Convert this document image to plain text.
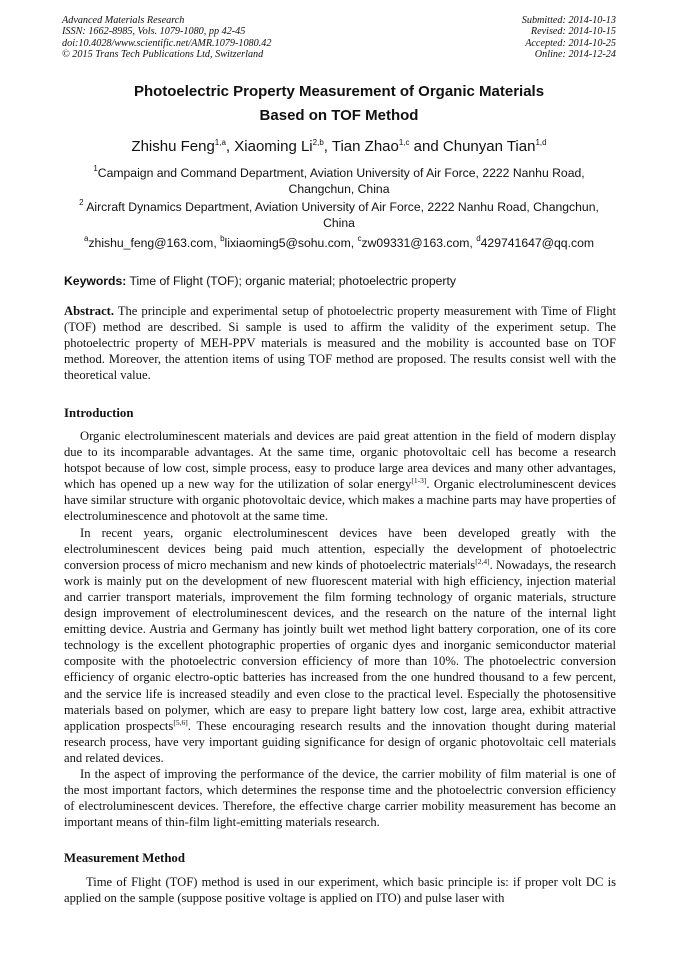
Advanced Materials Research
ISSN: 1662-8985, Vols. 1079-1080, pp 42-45
doi:10.4028/www.scientific.net/AMR.1079-1080.42
© 2015 Trans Tech Publications Ltd, Switzerland
Submitted: 2014-10-13
Revised: 2014-10-15
Accepted: 2014-10-25
Online: 2014-12-24
Photoelectric Property Measurement of Organic Materials
Based on TOF Method
Zhishu Feng$^{1,a}$, Xiaoming Li$^{2,b}$, Tian Zhao$^{1,c}$ and Chunyan Tian$^{1,d}$
$^1$Campaign and Command Department, Aviation University of Air Force, 2222 Nanhu Road, Changchun, China
$^2$ Aircraft Dynamics Department, Aviation University of Air Force, 2222 Nanhu Road, Changchun, China
$^a$zhishu_feng@163.com, $^b$lixiaoming5@sohu.com, $^c$zw09331@163.com, $^d$429741647@qq.com
Keywords: Time of Flight (TOF); organic material; photoelectric property
Abstract. The principle and experimental setup of photoelectric property measurement with Time of Flight (TOF) method are described. Si sample is used to affirm the validity of the experiment setup. The photoelectric property of MEH-PPV materials is measured and the mobility is accounted base on TOF method. Moreover, the attention items of using TOF method are proposed. The results consist well with the theoretical value.
Introduction

Organic electroluminescent materials and devices are paid great attention in the field of modern display due to its incomparable advantages. At the same time, organic photovoltaic cell has become a research hotspot because of low cost, simple process, easy to produce large area devices and many other advantages, which has opened up a new way for the utilization of solar energy[1-3]. Organic electroluminescent devices have similar structure with organic photovoltaic device, which makes a machine parts may have properties of electroluminescence and photovolt at the same time.

In recent years, organic electroluminescent devices have been developed greatly with the electroluminescent devices being paid much attention, especially the development of photoelectric conversion process of micro mechanism and new kinds of photoelectric materials[2,4]. Nowadays, the research work is mainly put on the development of new fluorescent material with high efficiency, injection material and carrier transport materials, improvement the film forming technology of organic materials, structure design improvement of electroluminescent devices, and the research on the nature of the internal light emitting device. Austria and Germany has jointly built wet method light battery corporation, one of its core technology is the excellent photographic properties of organic dyes and inorganic semiconductor material composite with the photoelectric conversion efficiency of more than 10%. The photoelectric conversion efficiency of organic electro-optic batteries has increased from the one hundred thousand to a few percent, and the service life is increased steadily and even close to the practical level. Especially the photosensitive materials based on polymer, which are easy to prepare light battery low cost, large area, exhibit attractive application prospects[5,6]. These encouraging research results and the innovation thought during material research process, have very important guiding significance for design of organic photovoltaic cell materials and related devices.

In the aspect of improving the performance of the device, the carrier mobility of film material is one of the most important factors, which determines the response time and the photoelectric conversion efficiency of electroluminescent devices. Therefore, the effective charge carrier mobility measurement has become an important means of thin-film light-emitting materials research.

Measurement Method

Time of Flight (TOF) method is used in our experiment, which basic principle is: if proper volt DC is applied on the sample (suppose positive voltage is applied on ITO) and pulse laser with
